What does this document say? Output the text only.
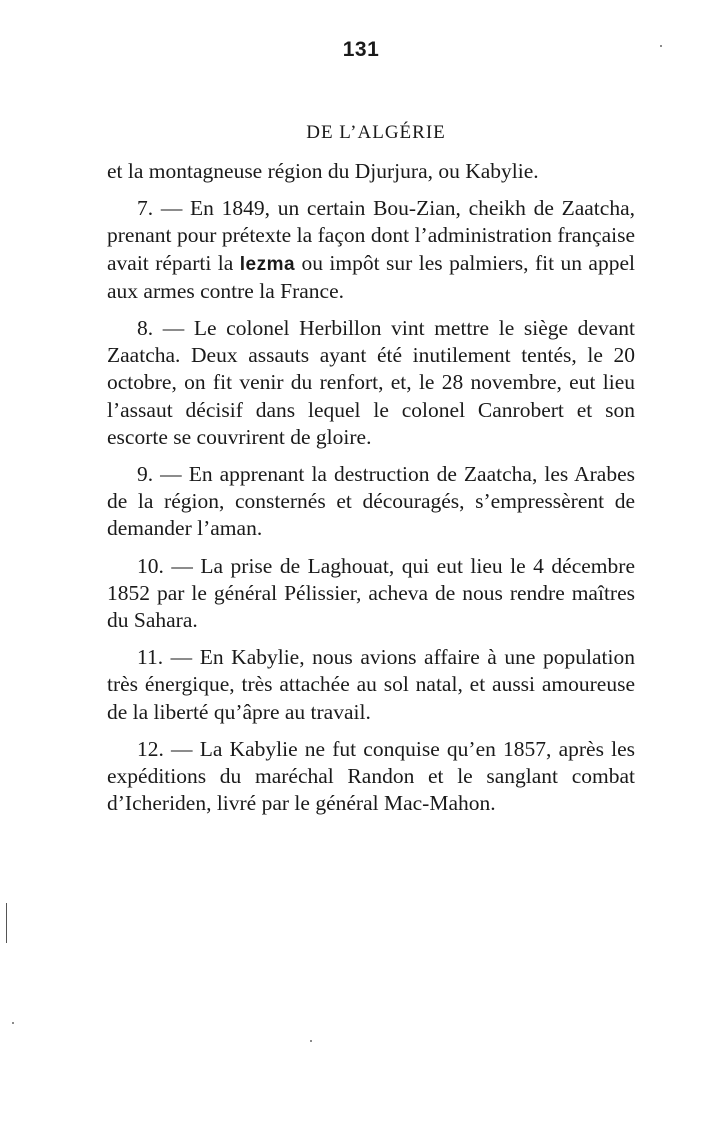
131
DE L’ALGÉRIE

et la montagneuse région du Djurjura, ou Kabylie.

7. — En 1849, un certain Bou-Zian, cheikh de Zaatcha, prenant pour prétexte la façon dont l’administration française avait réparti la lezma ou impôt sur les palmiers, fit un appel aux armes contre la France.

8. — Le colonel Herbillon vint mettre le siège devant Zaatcha. Deux assauts ayant été inutilement tentés, le 20 octobre, on fit venir du renfort, et, le 28 novembre, eut lieu l’assaut décisif dans lequel le colonel Canrobert et son escorte se couvrirent de gloire.

9. — En apprenant la destruction de Zaatcha, les Arabes de la région, consternés et découragés, s’empressèrent de demander l’aman.

10. — La prise de Laghouat, qui eut lieu le 4 décembre 1852 par le général Pélissier, acheva de nous rendre maîtres du Sahara.

11. — En Kabylie, nous avions affaire à une population très énergique, très attachée au sol natal, et aussi amoureuse de la liberté qu’âpre au travail.

12. — La Kabylie ne fut conquise qu’en 1857, après les expéditions du maréchal Randon et le sanglant combat d’Icheriden, livré par le général Mac-Mahon.
